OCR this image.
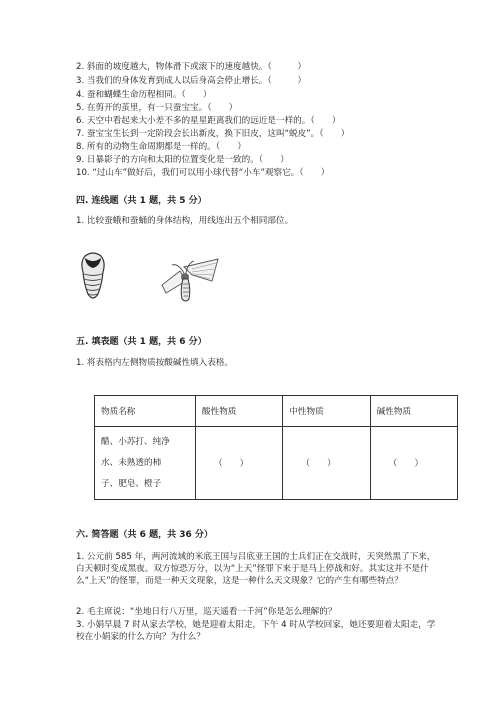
2. 斜面的坡度越大，物体滑下或滚下的速度越快。（　　　）
3. 当我们的身体发育到成人以后身高会停止增长。（　　　）
4. 蚕和蝴蝶生命历程相同。（　　）
5. 在剪开的茧里，有一只蚕宝宝。（　　）
6. 天空中看起来大小差不多的星星距离我们的远近是一样的。（　　）
7. 蚕宝宝生长到一定阶段会长出新皮，换下旧皮，这叫“蜕皮”。（　　）
8. 所有的动物生命周期都是一样的。（　　）
9. 日暴影子的方向和太阳的位置变化是一致的。（　　）
10. “过山车”做好后，我们可以用小球代替“小车”观察它。（　　）
四. 连线题（共 1 题，共 5 分）
1. 比较蚕蛾和蚕蛹的身体结构，用线连出五个相同部位。
五. 填表题（共 1 题，共 6 分）
1. 将表格内左侧物质按酸碱性填入表格。
物质名称	酸性物质	中性物质	碱性物质

醋、小苏打、纯净
水、未熟透的柿
子、肥皂、橙子	（　　）	（　　）	（　　）
六. 简答题（共 6 题，共 36 分）
1. 公元前 585 年，两河流域的米底王国与吕底亚王国的士兵们正在交战时，天突然黑了下来，白天顿时变成黑夜。双方惊恐万分，以为“上天”怪罪下来于是马上停战和好。其实这并不是什么“上天”的怪罪，而是一种天文现象，这是一种什么天文现象？它的产生有哪些特点？
2. 毛主席说：“坐地日行八万里，巡天遥看一千河”你是怎么理解的？
3. 小娟早晨 7 时从家去学校，她是迎着太阳走，下午 4 时从学校回家，她还要迎着太阳走，学校在小娟家的什么方向？为什么？
